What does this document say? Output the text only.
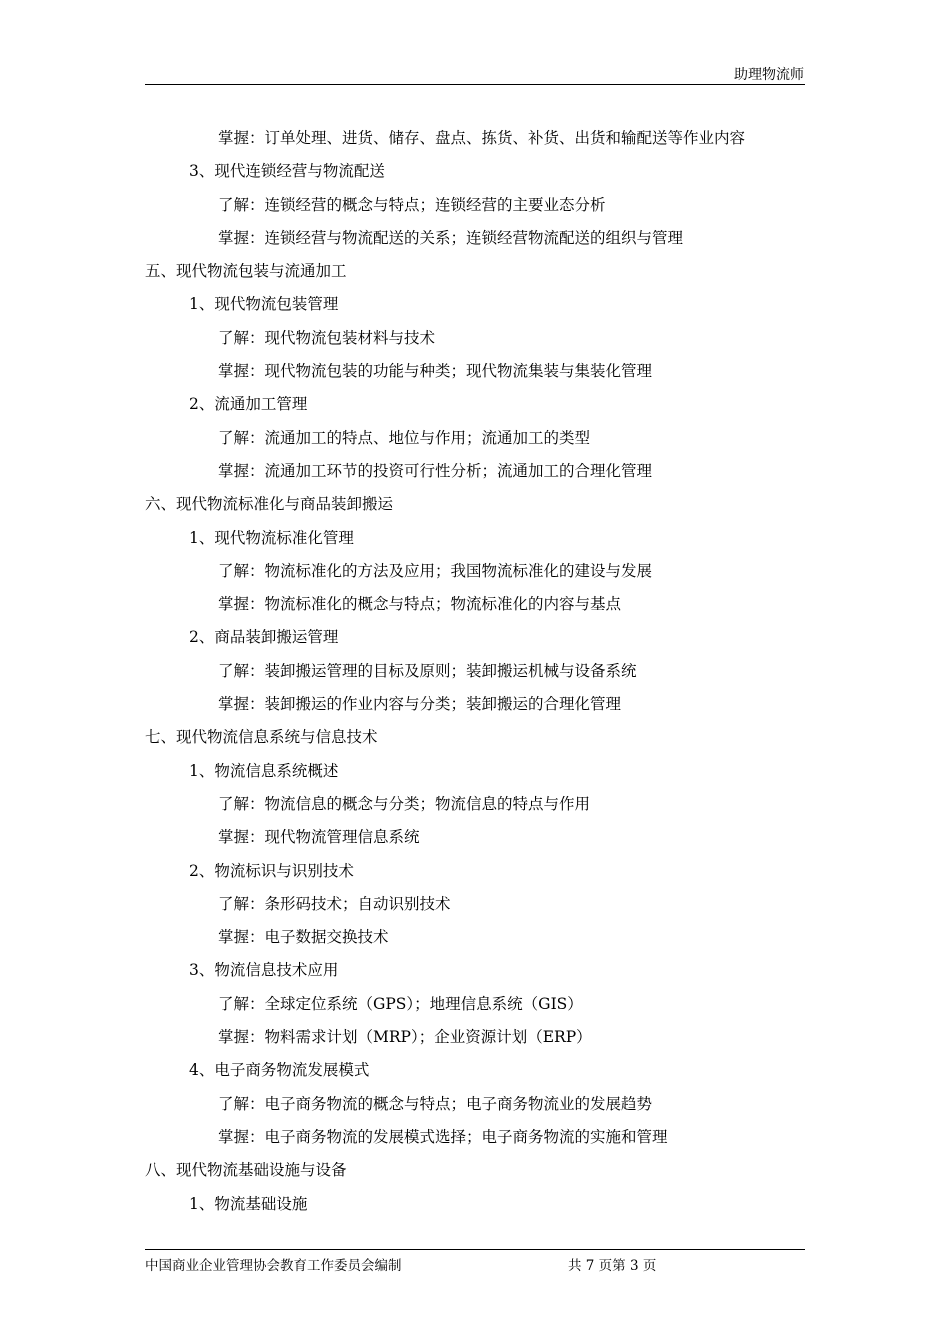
助理物流师
掌握：订单处理、进货、储存、盘点、拣货、补货、出货和输配送等作业内容
3、现代连锁经营与物流配送
了解：连锁经营的概念与特点；连锁经营的主要业态分析
掌握：连锁经营与物流配送的关系；连锁经营物流配送的组织与管理
五、现代物流包装与流通加工
1、现代物流包装管理
了解：现代物流包装材料与技术
掌握：现代物流包装的功能与种类；现代物流集装与集装化管理
2、流通加工管理
了解：流通加工的特点、地位与作用；流通加工的类型
掌握：流通加工环节的投资可行性分析；流通加工的合理化管理
六、现代物流标准化与商品装卸搬运
1、现代物流标准化管理
了解：物流标准化的方法及应用；我国物流标准化的建设与发展
掌握：物流标准化的概念与特点；物流标准化的内容与基点
2、商品装卸搬运管理
了解：装卸搬运管理的目标及原则；装卸搬运机械与设备系统
掌握：装卸搬运的作业内容与分类；装卸搬运的合理化管理
七、现代物流信息系统与信息技术
1、物流信息系统概述
了解：物流信息的概念与分类；物流信息的特点与作用
掌握：现代物流管理信息系统
2、物流标识与识别技术
了解：条形码技术；自动识别技术
掌握：电子数据交换技术
3、物流信息技术应用
了解：全球定位系统（GPS）；地理信息系统（GIS）
掌握：物料需求计划（MRP）；企业资源计划（ERP）
4、电子商务物流发展模式
了解：电子商务物流的概念与特点；电子商务物流业的发展趋势
掌握：电子商务物流的发展模式选择；电子商务物流的实施和管理
八、现代物流基础设施与设备
1、物流基础设施
中国商业企业管理协会教育工作委员会编制	共 7 页第 3 页
